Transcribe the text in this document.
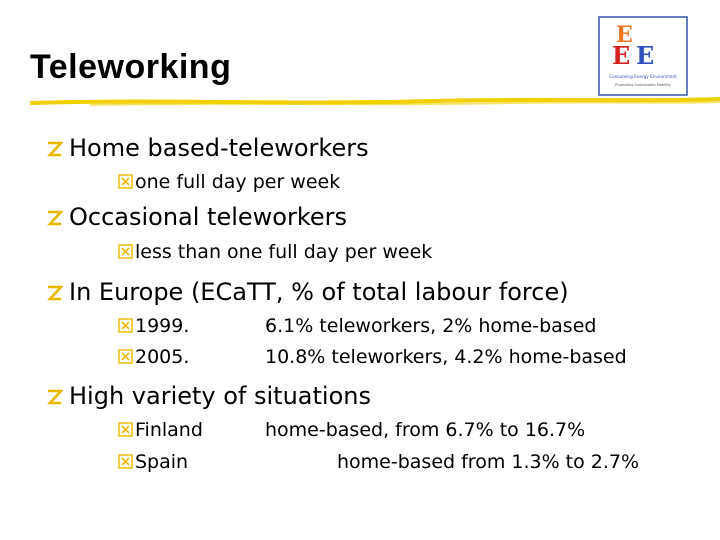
Teleworking
E
E E
Consuming Energy Environment
Promoting Sustainable Mobility
Home based-teleworkers
one full day per week
Occasional teleworkers
less than one full day per week
In Europe (ECaTT, % of total labour force)
1999.	6.1% teleworkers, 2% home-based
2005.	10.8% teleworkers, 4.2% home-based
High variety of situations
Finland	home-based, from 6.7% to 16.7%
Spain	home-based from 1.3% to 2.7%
